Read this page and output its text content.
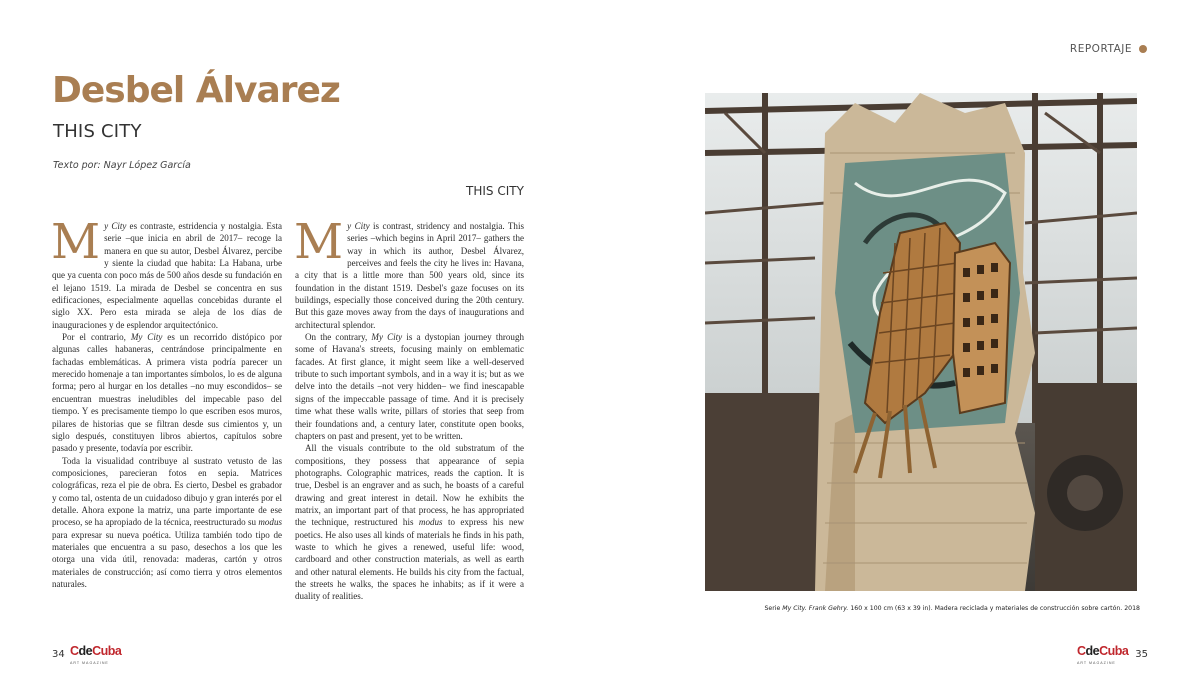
REPORTAJE
Desbel Álvarez
THIS CITY
Texto por: Nayr López García
THIS CITY

My City es contraste, estridencia y nostalgia. Esta serie –que inicia en abril de 2017– recoge la manera en que su autor, Desbel Álvarez, percibe y siente la ciudad que habita: La Habana, urbe que ya cuenta con poco más de 500 años desde su fundación en el lejano 1519. La mirada de Desbel se concentra en sus edificaciones, especialmente aquellas concebidas durante el siglo XX. Pero esta mirada se aleja de los días de inauguraciones y de esplendor arquitectónico.

Por el contrario, My City es un recorrido distópico por algunas calles habaneras, centrándose principalmente en fachadas emblemáticas. A primera vista podría parecer un merecido homenaje a tan importantes símbolos, lo es de alguna forma; pero al hurgar en los detalles –no muy escondidos– se encuentran muestras ineludibles del impecable paso del tiempo. Y es precisamente tiempo lo que escriben esos muros, pilares de historias que se filtran desde sus cimientos y, un siglo después, constituyen libros abiertos, capítulos sobre pasado y presente, todavía por escribir.

Toda la visualidad contribuye al sustrato vetusto de las composiciones, parecieran fotos en sepia. Matrices colográficas, reza el pie de obra. Es cierto, Desbel es grabador y como tal, ostenta de un cuidadoso dibujo y gran interés por el detalle. Ahora expone la matriz, una parte importante de ese proceso, se ha apropiado de la técnica, reestructurado su modus para expresar su nueva poética. Utiliza también todo tipo de materiales que encuentra a su paso, desechos a los que les otorga una vida útil, renovada: maderas, cartón y otros materiales de construcción; así como tierra y otros elementos naturales.

My City is contrast, stridency and nostalgia. This series –which begins in April 2017– gathers the way in which its author, Desbel Álvarez, perceives and feels the city he lives in: Havana, a city that is a little more than 500 years old, since its foundation in the distant 1519. Desbel's gaze focuses on its buildings, especially those conceived during the 20th century. But this gaze moves away from the days of inaugurations and architectural splendor.

On the contrary, My City is a dystopian journey through some of Havana's streets, focusing mainly on emblematic facades. At first glance, it might seem like a well-deserved tribute to such important symbols, and in a way it is; but as we delve into the details –not very hidden– we find inescapable signs of the impeccable passage of time. And it is precisely time what these walls write, pillars of stories that seep from their foundations and, a century later, constitute open books, chapters on past and present, yet to be written.

All the visuals contribute to the old substratum of the compositions, they possess that appearance of sepia photographs. Colographic matrices, reads the caption. It is true, Desbel is an engraver and as such, he boasts of a careful drawing and great interest in detail. Now he exhibits the matrix, an important part of that process, he has appropriated the technique, restructured his modus to express his new poetics. He also uses all kinds of materials he finds in his path, waste to which he gives a renewed, useful life: wood, cardboard and other construction materials, as well as earth and other natural elements. He builds his city from the factual, the streets he walks, the spaces he inhabits; as if it were a duality of realities.

Serie My City. Frank Gehry. 160 x 100 cm (63 x 39 in). Madera reciclada y materiales de construcción sobre cartón. 2018
34 CdeCuba
ART MAGAZINE
CdeCuba
ART MAGAZINE
35
